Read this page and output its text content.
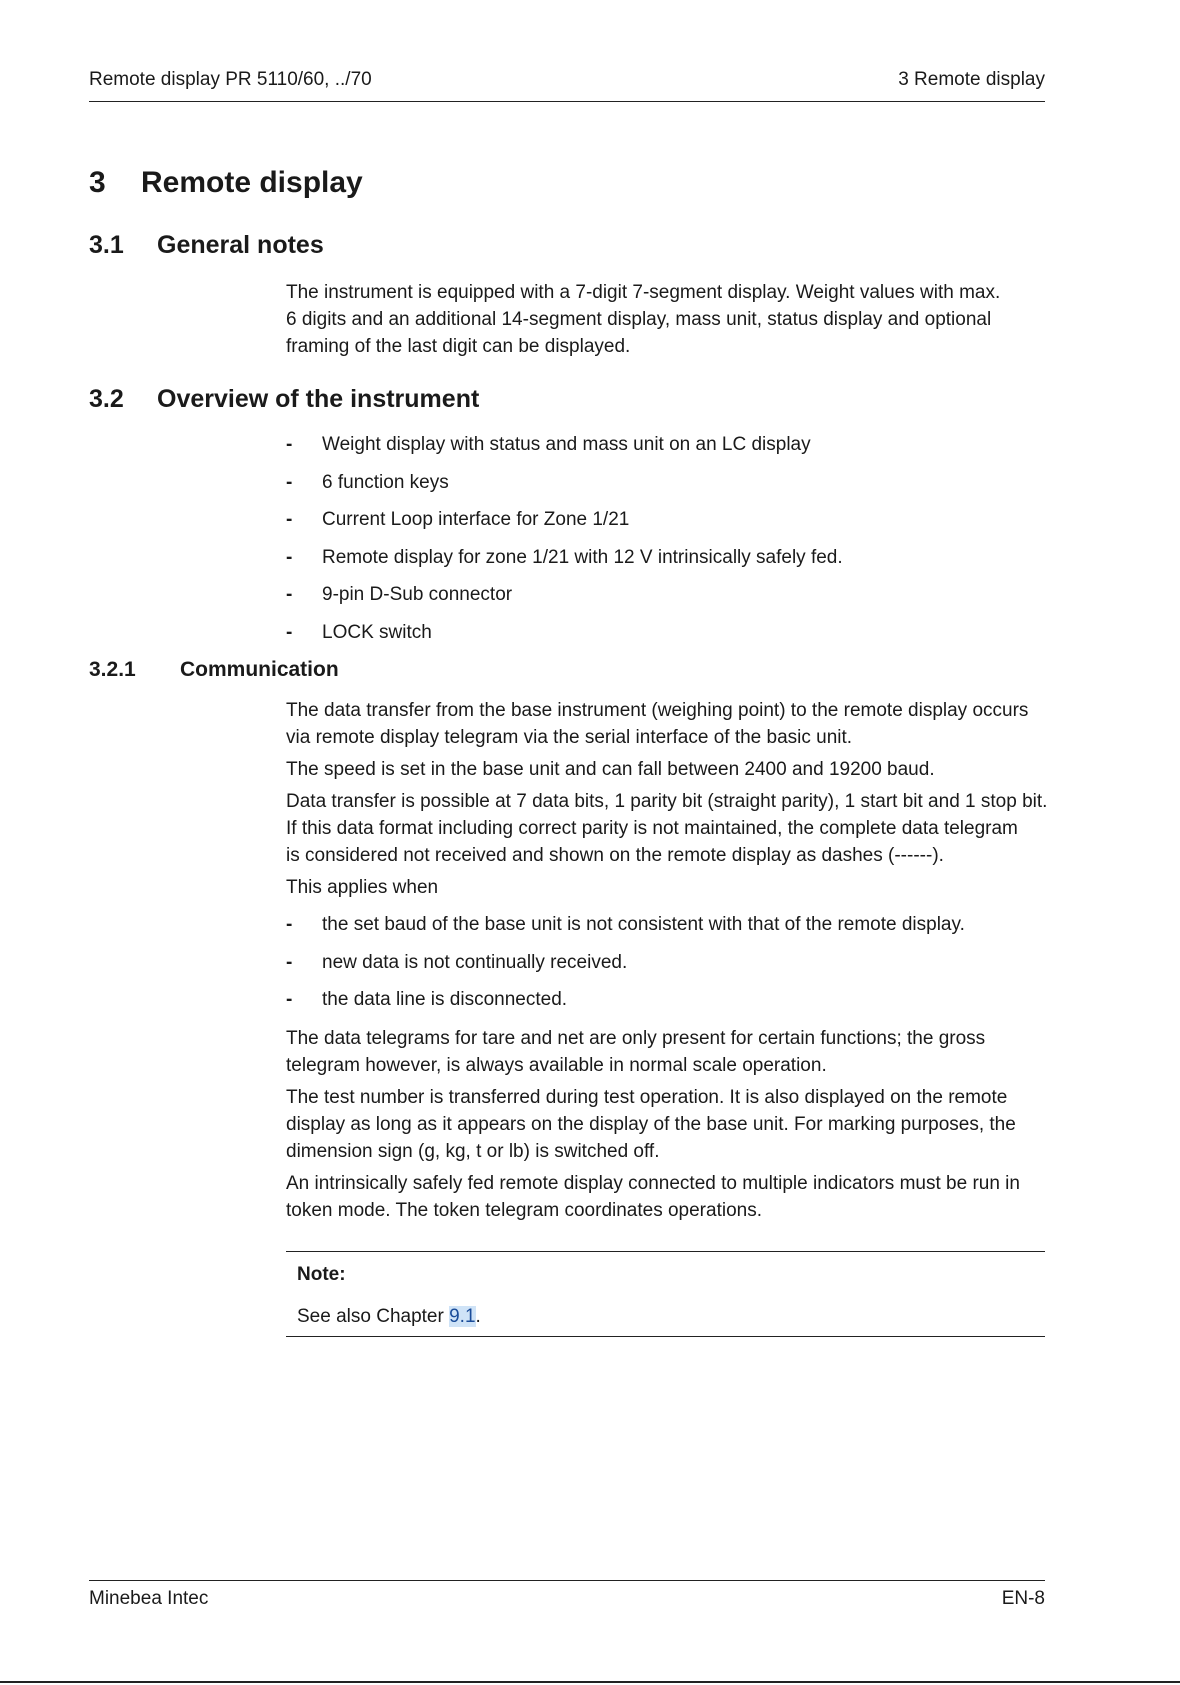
Remote display PR 5110/60, ../70	3 Remote display
3	Remote display
3.1	General notes

The instrument is equipped with a 7-digit 7-segment display. Weight values with max.

6 digits and an additional 14-segment display, mass unit, status display and optional

framing of the last digit can be displayed.

3.2	Overview of the instrument
-	Weight display with status and mass unit on an LC display
-	6 function keys
-	Current Loop interface for Zone 1/21
-	Remote display for zone 1/21 with 12 V intrinsically safely fed.
-	9-pin D-Sub connector
-	LOCK switch
3.2.1	Communication

The data transfer from the base instrument (weighing point) to the remote display occurs

via remote display telegram via the serial interface of the basic unit.

The speed is set in the base unit and can fall between 2400 and 19200 baud.

Data transfer is possible at 7 data bits, 1 parity bit (straight parity), 1 start bit and 1 stop bit.

If this data format including correct parity is not maintained, the complete data telegram

is considered not received and shown on the remote display as dashes (------).

This applies when

-	the set baud of the base unit is not consistent with that of the remote display.
-	new data is not continually received.
-	the data line is disconnected.

The data telegrams for tare and net are only present for certain functions; the gross

telegram however, is always available in normal scale operation.

The test number is transferred during test operation. It is also displayed on the remote

display as long as it appears on the display of the base unit. For marking purposes, the

dimension sign (g, kg, t or lb) is switched off.

An intrinsically safely fed remote display connected to multiple indicators must be run in

token mode. The token telegram coordinates operations.

Note:
See also Chapter 9.1.
Minebea Intec	EN-8
